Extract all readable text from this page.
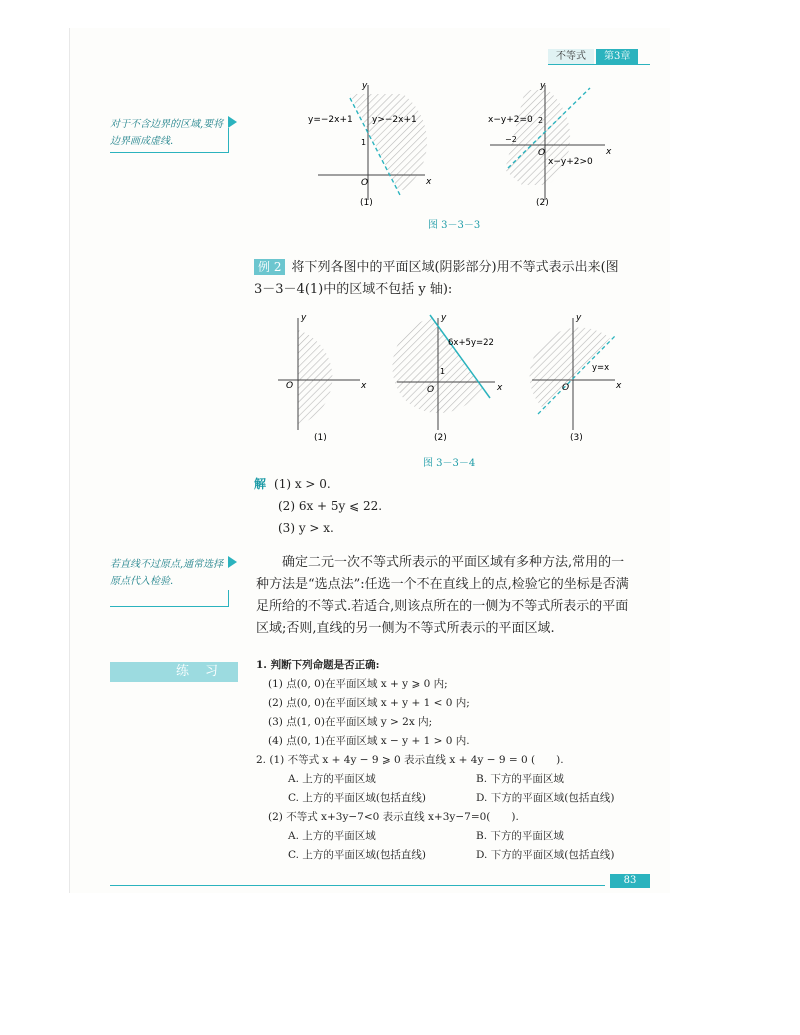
不等式	第3章
对于不含边界的区域,要将边界画成虚线.
y=−2x+1 y>−2x+1
O	x
y
1
(1)
x−y+2=0
x−y+2>0
O	x
y
2
−2
(2)
图 3－3－3
例 2 将下列各图中的平面区域(阴影部分)用不等式表示出来(图
3－3－4(1)中的区域不包括 y 轴):
O	x
y
(1)
6x+5y=22
1
O	x
y
(2)
y=x
O	x
y
(3)
图 3－3－4
解 (1) x > 0.
(2) 6x + 5y ⩽ 22.
(3) y > x.
若直线不过原点,通常选择原点代入检验.
确定二元一次不等式所表示的平面区域有多种方法,常用的一
种方法是“选点法”:任选一个不在直线上的点,检验它的坐标是否满
足所给的不等式.若适合,则该点所在的一侧为不等式所表示的平面
区域;否则,直线的另一侧为不等式所表示的平面区域.
练习	1. 判断下列命题是否正确:
(1) 点(0, 0)在平面区域 x + y ⩾ 0 内;
(2) 点(0, 0)在平面区域 x + y + 1 < 0 内;
(3) 点(1, 0)在平面区域 y > 2x 内;
(4) 点(0, 1)在平面区域 x − y + 1 > 0 内.
2. (1) 不等式 x + 4y − 9 ⩾ 0 表示直线 x + 4y − 9 = 0 (　　).
A. 上方的平面区域	B. 下方的平面区域
C. 上方的平面区域(包括直线)	D. 下方的平面区域(包括直线)
(2) 不等式 x+3y−7<0 表示直线 x+3y−7=0(　　).
A. 上方的平面区域	B. 下方的平面区域
C. 上方的平面区域(包括直线)	D. 下方的平面区域(包括直线)
83
